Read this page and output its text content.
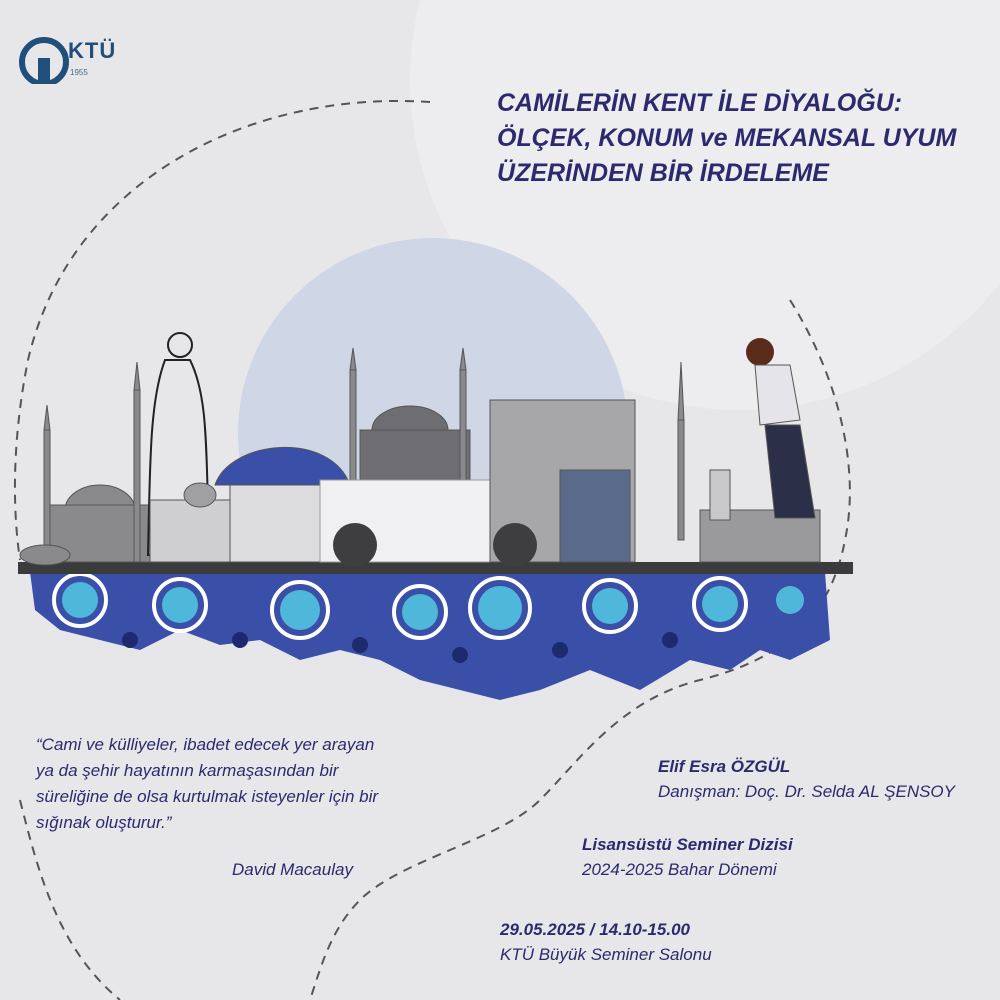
KTÜ
1955
CAMİLERİN KENT İLE DİYALOĞU:
ÖLÇEK, KONUM ve MEKANSAL UYUM
ÜZERİNDEN BİR İRDELEME
“Cami ve külliyeler, ibadet edecek yer arayan ya da şehir hayatının karmaşasından bir süreliğine de olsa kurtulmak isteyenler için bir sığınak oluşturur.”
David Macaulay
Elif Esra ÖZGÜL
Danışman: Doç. Dr. Selda AL ŞENSOY
Lisansüstü Seminer Dizisi
2024-2025 Bahar Dönemi
29.05.2025 / 14.10-15.00
KTÜ Büyük Seminer Salonu
